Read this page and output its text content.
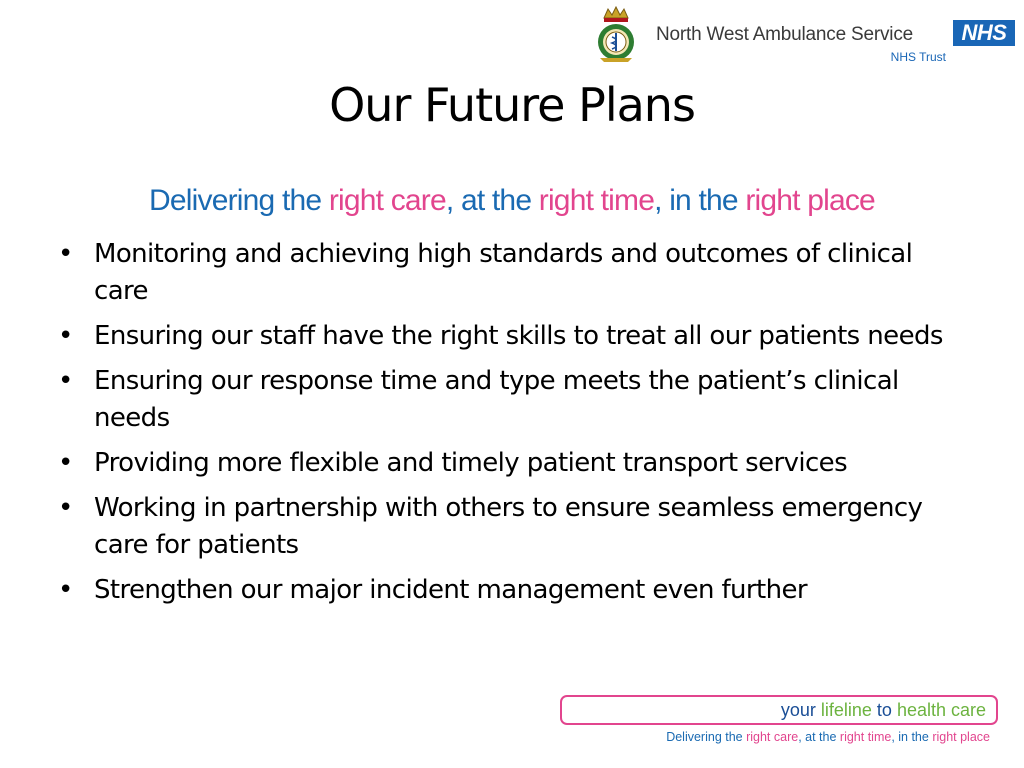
North West Ambulance Service	NHS
NHS Trust
Our Future Plans
Delivering the right care, at the right time, in the right place
• Monitoring and achieving high standards and outcomes of clinical care
• Ensuring our staff have the right skills to treat all our patients needs
• Ensuring our response time and type meets the patient’s clinical needs
• Providing more flexible and timely patient transport services
• Working in partnership with others to ensure seamless emergency care for patients
• Strengthen our major incident management even further
your lifeline to health care
Delivering the right care, at the right time, in the right place
